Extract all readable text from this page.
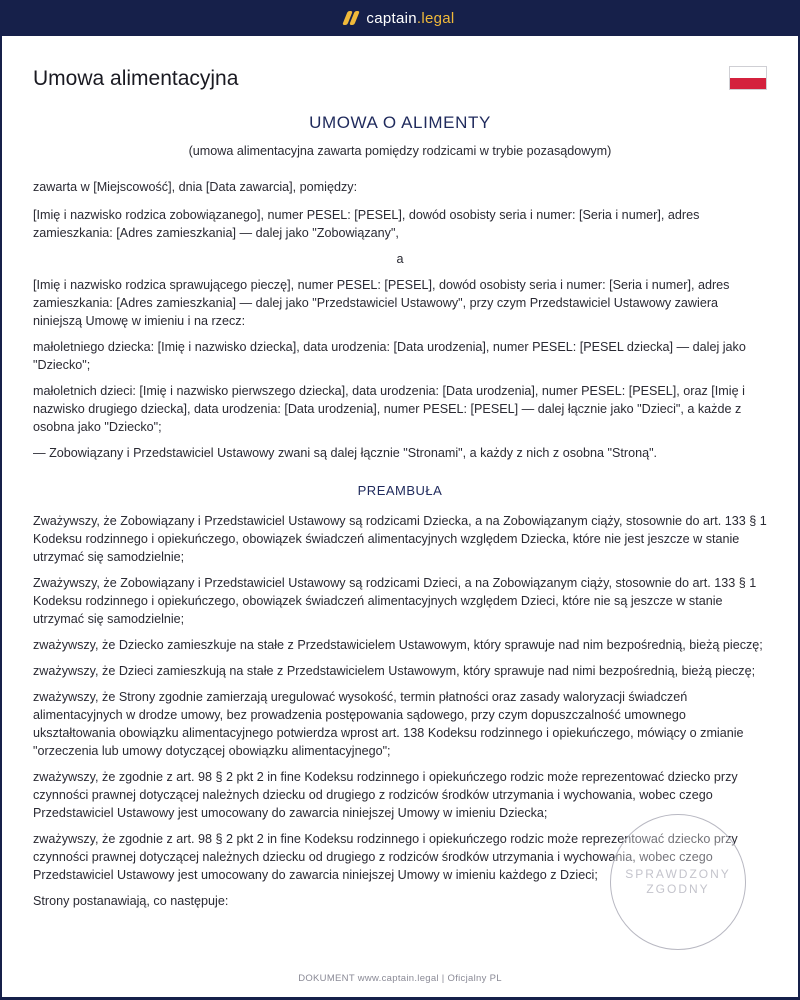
captain.legal
Umowa alimentacyjna
UMOWA O ALIMENTY
(umowa alimentacyjna zawarta pomiędzy rodzicami w trybie pozasądowym)

zawarta w [Miejscowość], dnia [Data zawarcia], pomiędzy:

[Imię i nazwisko rodzica zobowiązanego], numer PESEL: [PESEL], dowód osobisty seria i numer: [Seria i numer], adres zamieszkania: [Adres zamieszkania] — dalej jako "Zobowiązany",

a

[Imię i nazwisko rodzica sprawującego pieczę], numer PESEL: [PESEL], dowód osobisty seria i numer: [Seria i numer], adres zamieszkania: [Adres zamieszkania] — dalej jako "Przedstawiciel Ustawowy", przy czym Przedstawiciel Ustawowy zawiera niniejszą Umowę w imieniu i na rzecz:

małoletniego dziecka: [Imię i nazwisko dziecka], data urodzenia: [Data urodzenia], numer PESEL: [PESEL dziecka] — dalej jako "Dziecko";

małoletnich dzieci: [Imię i nazwisko pierwszego dziecka], data urodzenia: [Data urodzenia], numer PESEL: [PESEL], oraz [Imię i nazwisko drugiego dziecka], data urodzenia: [Data urodzenia], numer PESEL: [PESEL] — dalej łącznie jako "Dzieci", a każde z osobna jako "Dziecko";

— Zobowiązany i Przedstawiciel Ustawowy zwani są dalej łącznie "Stronami", a każdy z nich z osobna "Stroną".

PREAMBUŁA

Zważywszy, że Zobowiązany i Przedstawiciel Ustawowy są rodzicami Dziecka, a na Zobowiązanym ciąży, stosownie do art. 133 § 1 Kodeksu rodzinnego i opiekuńczego, obowiązek świadczeń alimentacyjnych względem Dziecka, które nie jest jeszcze w stanie utrzymać się samodzielnie;

Zważywszy, że Zobowiązany i Przedstawiciel Ustawowy są rodzicami Dzieci, a na Zobowiązanym ciąży, stosownie do art. 133 § 1 Kodeksu rodzinnego i opiekuńczego, obowiązek świadczeń alimentacyjnych względem Dzieci, które nie są jeszcze w stanie utrzymać się samodzielnie;

zważywszy, że Dziecko zamieszkuje na stałe z Przedstawicielem Ustawowym, który sprawuje nad nim bezpośrednią, bieżą pieczę;

zważywszy, że Dzieci zamieszkują na stałe z Przedstawicielem Ustawowym, który sprawuje nad nimi bezpośrednią, bieżą pieczę;

zważywszy, że Strony zgodnie zamierzają uregulować wysokość, termin płatności oraz zasady waloryzacji świadczeń alimentacyjnych w drodze umowy, bez prowadzenia postępowania sądowego, przy czym dopuszczalność umownego ukształtowania obowiązku alimentacyjnego potwierdza wprost art. 138 Kodeksu rodzinnego i opiekuńczego, mówiący o zmianie "orzeczenia lub umowy dotyczącej obowiązku alimentacyjnego";

zważywszy, że zgodnie z art. 98 § 2 pkt 2 in fine Kodeksu rodzinnego i opiekuńczego rodzic może reprezentować dziecko przy czynności prawnej dotyczącej należnych dziecku od drugiego z rodziców środków utrzymania i wychowania, wobec czego Przedstawiciel Ustawowy jest umocowany do zawarcia niniejszej Umowy w imieniu Dziecka;

zważywszy, że zgodnie z art. 98 § 2 pkt 2 in fine Kodeksu rodzinnego i opiekuńczego rodzic może reprezentować dziecko przy czynności prawnej dotyczącej należnych dziecku od drugiego z rodziców środków utrzymania i wychowania, wobec czego Przedstawiciel Ustawowy jest umocowany do zawarcia niniejszej Umowy w imieniu każdego z Dzieci;

Strony postanawiają, co następuje:

DOKUMENT www.captain.legal | Oficjalny PL
SPRAWDZONY
ZGODNY
